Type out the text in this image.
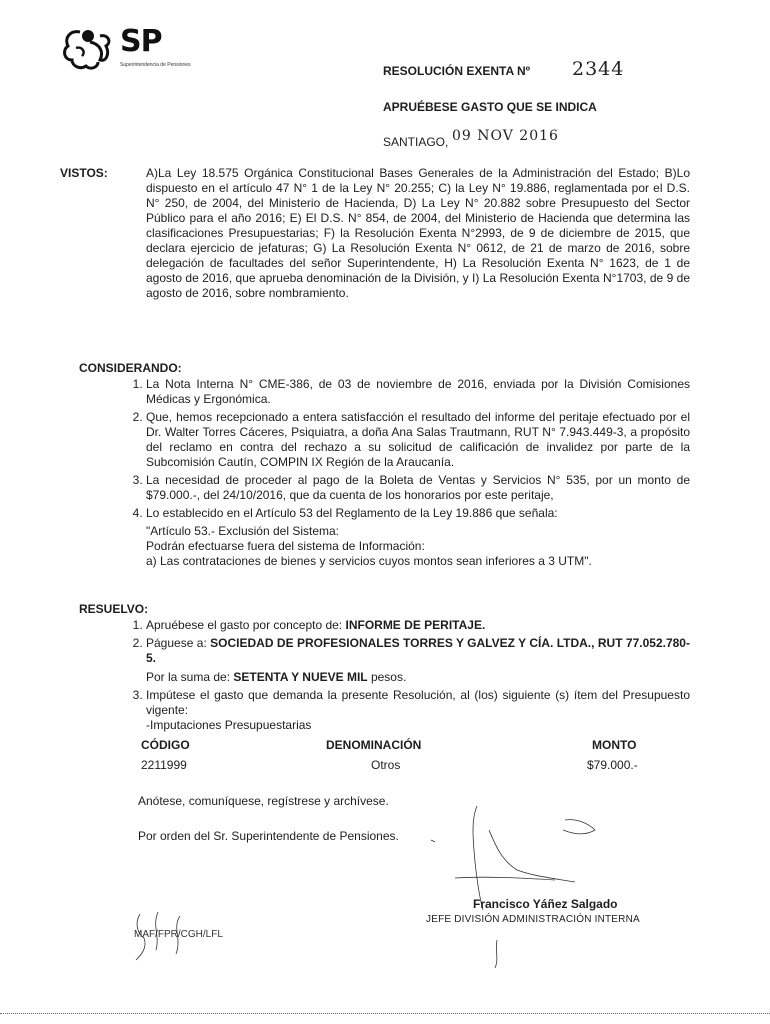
SP
Superintendencia de Pensiones	RESOLUCIÓN EXENTA Nº 2344
APRUÉBESE GASTO QUE SE INDICA
SANTIAGO, 09 NOV 2016
VISTOS:	A)La Ley 18.575 Orgánica Constitucional Bases Generales de la Administración del Estado; B)Lo dispuesto en el artículo 47 N° 1 de la Ley N° 20.255; C) la Ley N° 19.886, reglamentada por el D.S. N° 250, de 2004, del Ministerio de Hacienda, D) La Ley N° 20.882 sobre Presupuesto del Sector Público para el año 2016; E) El D.S. N° 854, de 2004, del Ministerio de Hacienda que determina las clasificaciones Presupuestarias; F) la Resolución Exenta N°2993, de 9 de diciembre de 2015, que declara ejercicio de jefaturas; G) La Resolución Exenta N° 0612, de 21 de marzo de 2016, sobre delegación de facultades del señor Superintendente, H) La Resolución Exenta N° 1623, de 1 de agosto de 2016, que aprueba denominación de la División, y I) La Resolución Exenta N°1703, de 9 de agosto de 2016, sobre nombramiento.
CONSIDERANDO:
1. La Nota Interna N° CME-386, de 03 de noviembre de 2016, enviada por la División Comisiones Médicas y Ergonómica.
2. Que, hemos recepcionado a entera satisfacción el resultado del informe del peritaje efectuado por el Dr. Walter Torres Cáceres, Psiquiatra, a doña Ana Salas Trautmann, RUT N° 7.943.449-3, a propósito del reclamo en contra del rechazo a su solicitud de calificación de invalidez por parte de la Subcomisión Cautín, COMPIN IX Región de la Araucanía.
3. La necesidad de proceder al pago de la Boleta de Ventas y Servicios N° 535, por un monto de $79.000.-, del 24/10/2016, que da cuenta de los honorarios por este peritaje,
4. Lo establecido en el Artículo 53 del Reglamento de la Ley 19.886 que señala:
"Artículo 53.- Exclusión del Sistema:
Podrán efectuarse fuera del sistema de Información:
a) Las contrataciones de bienes y servicios cuyos montos sean inferiores a 3 UTM".
RESUELVO:
1. Apruébese el gasto por concepto de: INFORME DE PERITAJE.
2. Páguese a: SOCIEDAD DE PROFESIONALES TORRES Y GALVEZ Y CÍA. LTDA., RUT 77.052.780-5.
Por la suma de: SETENTA Y NUEVE MIL pesos.
3. Impútese el gasto que demanda la presente Resolución, al (los) siguiente (s) ítem del Presupuesto vigente:
-Imputaciones Presupuestarias
CÓDIGO	DENOMINACIÓN	MONTO
2211999	Otros	$79.000.-
Anótese, comuníquese, regístrese y archívese.
Por orden del Sr. Superintendente de Pensiones.
Francisco Yáñez Salgado
JEFE DIVISIÓN ADMINISTRACIÓN INTERNA
MAF/FPR/CGH/LFL
